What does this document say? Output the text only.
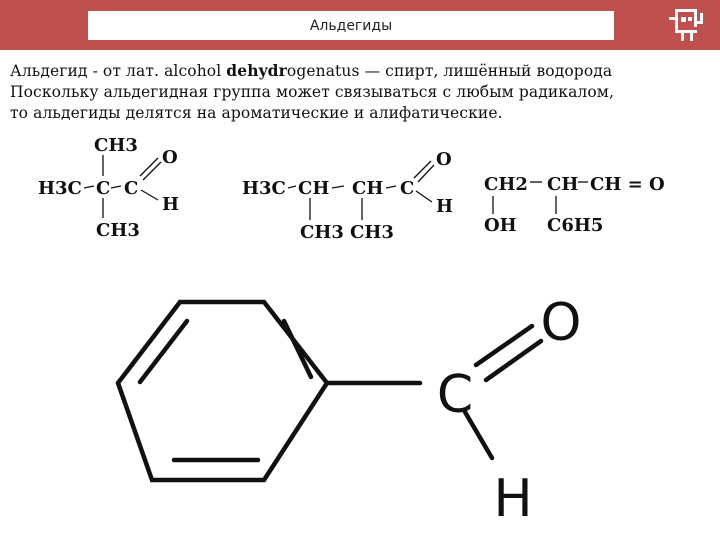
Альдегиды
Альдегид - от лат. alcohol dehydrogenatus — спирт, лишённый водорода
Поскольку альдегидная группа может связываться с любым радикалом,
то альдегиды делятся на ароматические и алифатические.
CH3
H3C C C
O
H
CH3
H3C CH CH C
O
H
CH3 CH3
CH2 CH CH = O
OH C6H5
C
O
H
